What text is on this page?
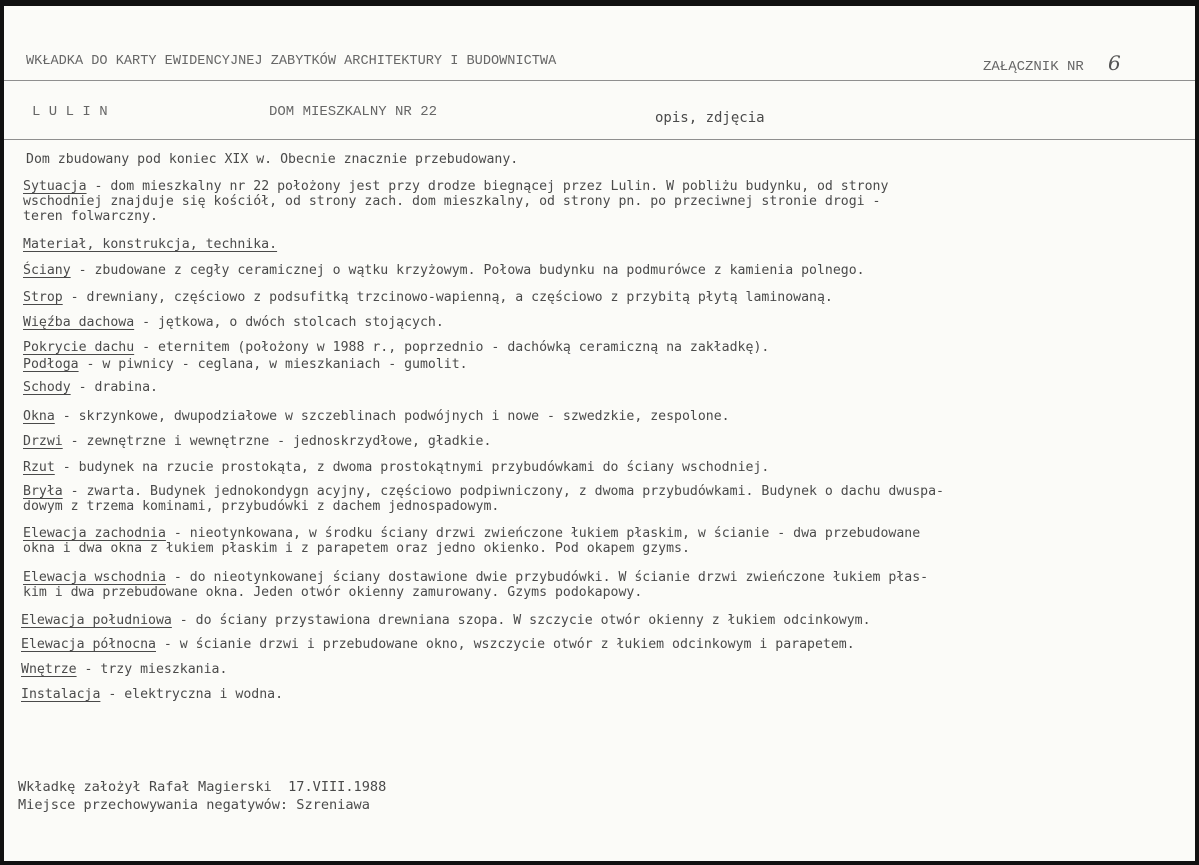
WKŁADKA DO KARTY EWIDENCYJNEJ ZABYTKÓW ARCHITEKTURY I BUDOWNICTWA	ZAŁĄCZNIK NR 6
L U L I N	DOM MIESZKALNY NR 22	opis, zdjęcia
Dom zbudowany pod koniec XIX w. Obecnie znacznie przebudowany.
Sytuacja - dom mieszkalny nr 22 położony jest przy drodze biegnącej przez Lulin. W pobliżu budynku, od strony
wschodniej znajduje się kościół, od strony zach. dom mieszkalny, od strony pn. po przeciwnej stronie drogi -
teren folwarczny.
Materiał, konstrukcja, technika.
Ściany - zbudowane z cegły ceramicznej o wątku krzyżowym. Połowa budynku na podmurówce z kamienia polnego.
Strop - drewniany, częściowo z podsufitką trzcinowo-wapienną, a częściowo z przybitą płytą laminowaną.
Więźba dachowa - jętkowa, o dwóch stolcach stojących.
Pokrycie dachu - eternitem (położony w 1988 r., poprzednio - dachówką ceramiczną na zakładkę).
Podłoga - w piwnicy - ceglana, w mieszkaniach - gumolit.
Schody - drabina.
Okna - skrzynkowe, dwupodziałowe w szczeblinach podwójnych i nowe - szwedzkie, zespolone.
Drzwi - zewnętrzne i wewnętrzne - jednoskrzydłowe, gładkie.
Rzut - budynek na rzucie prostokąta, z dwoma prostokątnymi przybudówkami do ściany wschodniej.
Bryła - zwarta. Budynek jednokondygn acyjny, częściowo podpiwniczony, z dwoma przybudówkami. Budynek o dachu dwuspa-
dowym z trzema kominami, przybudówki z dachem jednospadowym.
Elewacja zachodnia - nieotynkowana, w środku ściany drzwi zwieńczone łukiem płaskim, w ścianie - dwa przebudowane
okna i dwa okna z łukiem płaskim i z parapetem oraz jedno okienko. Pod okapem gzyms.
Elewacja wschodnia - do nieotynkowanej ściany dostawione dwie przybudówki. W ścianie drzwi zwieńczone łukiem płas-
kim i dwa przebudowane okna. Jeden otwór okienny zamurowany. Gzyms podokapowy.
Elewacja południowa - do ściany przystawiona drewniana szopa. W szczycie otwór okienny z łukiem odcinkowym.
Elewacja północna - w ścianie drzwi i przebudowane okno, wszczycie otwór z łukiem odcinkowym i parapetem.
Wnętrze - trzy mieszkania.
Instalacja - elektryczna i wodna.
Wkładkę założył Rafał Magierski  17.VIII.1988
Miejsce przechowywania negatywów: Szreniawa
